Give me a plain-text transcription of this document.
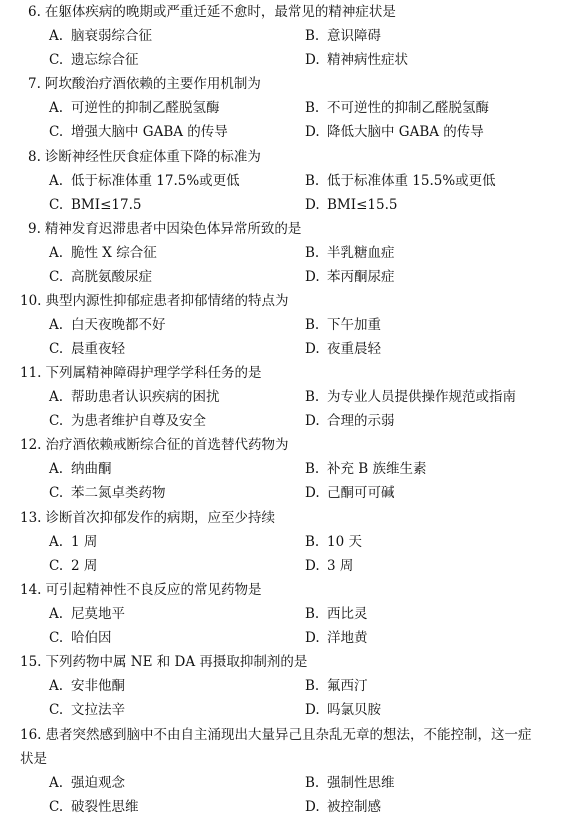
6. 在躯体疾病的晚期或严重迁延不愈时，最常见的精神症状是
A. 脑衰弱综合征	B. 意识障碍
C. 遗忘综合征	D. 精神病性症状
7. 阿坎酸治疗酒依赖的主要作用机制为
A. 可逆性的抑制乙醛脱氢酶	B. 不可逆性的抑制乙醛脱氢酶
C. 增强大脑中 GABA 的传导	D. 降低大脑中 GABA 的传导
8. 诊断神经性厌食症体重下降的标准为
A. 低于标准体重 17.5%或更低	B. 低于标准体重 15.5%或更低
C. BMI≤17.5	D. BMI≤15.5
9. 精神发育迟滞患者中因染色体异常所致的是
A. 脆性 X 综合征	B. 半乳糖血症
C. 高胱氨酸尿症	D. 苯丙酮尿症
10. 典型内源性抑郁症患者抑郁情绪的特点为
A. 白天夜晚都不好	B. 下午加重
C. 晨重夜轻	D. 夜重晨轻
11. 下列属精神障碍护理学学科任务的是
A. 帮助患者认识疾病的困扰	B. 为专业人员提供操作规范或指南
C. 为患者维护自尊及安全	D. 合理的示弱
12. 治疗酒依赖戒断综合征的首选替代药物为
A. 纳曲酮	B. 补充 B 族维生素
C. 苯二氮卓类药物	D. 己酮可可碱
13. 诊断首次抑郁发作的病期，应至少持续
A. 1 周	B. 10 天
C. 2 周	D. 3 周
14. 可引起精神性不良反应的常见药物是
A. 尼莫地平	B. 西比灵
C. 哈伯因	D. 洋地黄
15. 下列药物中属 NE 和 DA 再摄取抑制剂的是
A. 安非他酮	B. 氟西汀
C. 文拉法辛	D. 吗氯贝胺
16. 患者突然感到脑中不由自主涌现出大量异己且杂乱无章的想法，不能控制，这一症状是
A. 强迫观念	B. 强制性思维
C. 破裂性思维	D. 被控制感
